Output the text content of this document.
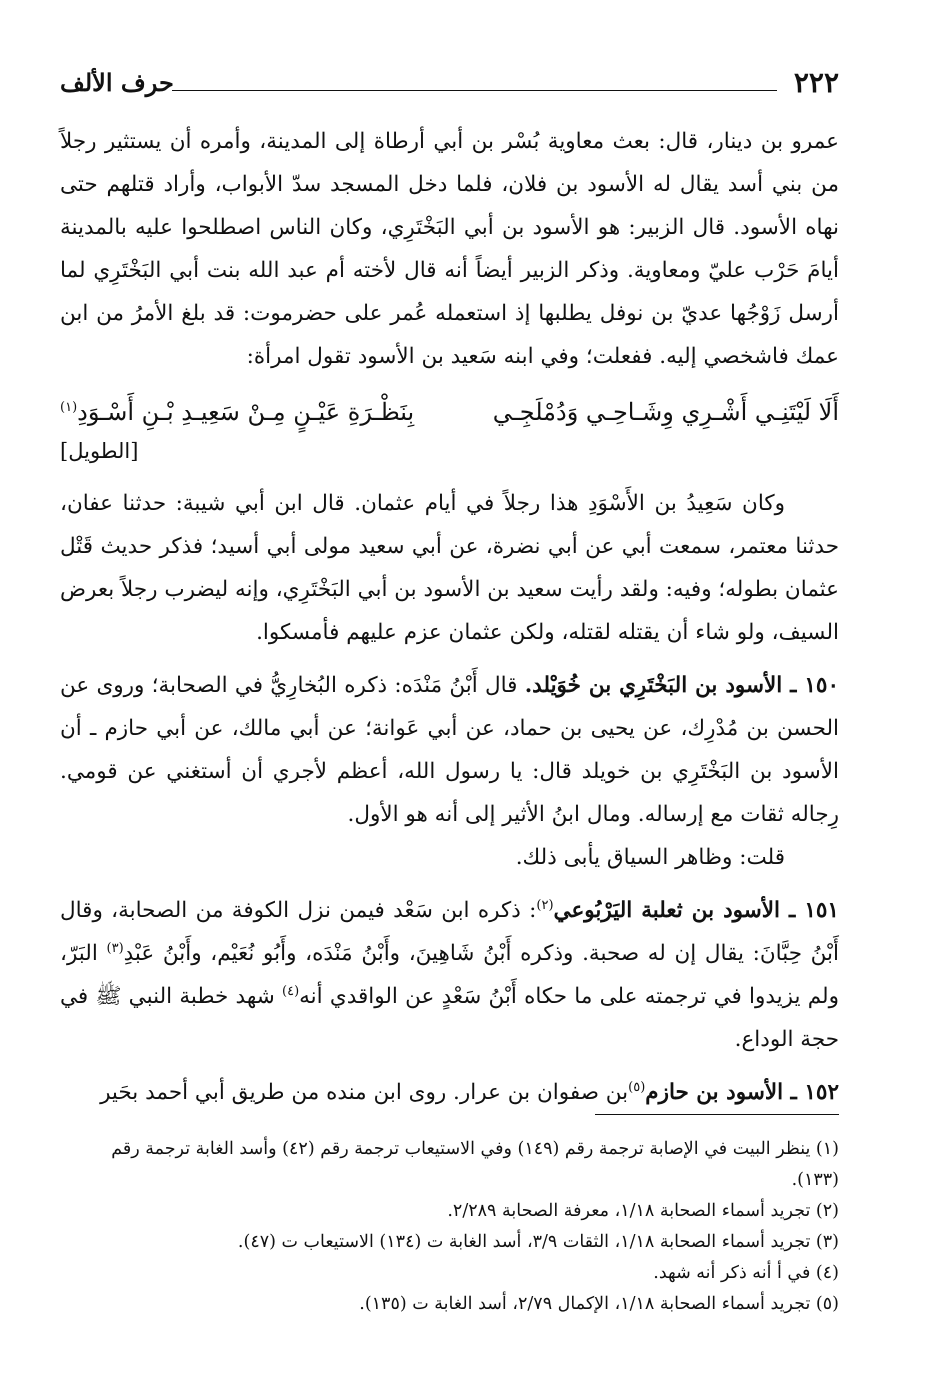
٢٢٢
حرف الألف

عمرو بن دينار، قال: بعث معاوية بُسْر بن أبي أرطاة إلى المدينة، وأمره أن يستثير رجلاً من بني أسد يقال له الأسود بن فلان، فلما دخل المسجد سدّ الأبواب، وأراد قتلهم حتى نهاه الأسود. قال الزبير: هو الأسود بن أبي البَخْتَرِي، وكان الناس اصطلحوا عليه بالمدينة أيامَ حَرْب عليّ ومعاوية. وذكر الزبير أيضاً أنه قال لأخته أم عبد الله بنت أبي البَخْتَرِي لما أرسل زَوْجُها عديّ بن نوفل يطلبها إذ استعمله عُمر على حضرموت: قد بلغ الأمرُ من ابن عمك فاشخصي إليه. ففعلت؛ وفي ابنه سَعيد بن الأسود تقول امرأة:

أَلَا لَيْتَنِـي أَشْـرِي وِشَـاحِـي وَدُمْلَجِـي
بِنَظْـرَةِ عَيْـنٍ مِـنْ سَعِيـدِ بْـنِ أَسْـوَدِ$^{(١)}$
[الطويل]

وكان سَعِيدُ بن الأَسْوَدِ هذا رجلاً في أيام عثمان. قال ابن أبي شيبة: حدثنا عفان، حدثنا معتمر، سمعت أبي عن أبي نضرة، عن أبي سعيد مولى أبي أسيد؛ فذكر حديث قَتْل عثمان بطوله؛ وفيه: ولقد رأيت سعيد بن الأسود بن أبي البَخْتَرِي، وإنه ليضرب رجلاً بعرض السيف، ولو شاء أن يقتله لقتله، ولكن عثمان عزم عليهم فأمسكوا.

١٥٠ ـ الأسود بن البَخْتَرِي بن خُوَيْلد. قال أَبْنُ مَنْدَه: ذكره البُخارِيُّ في الصحابة؛ وروى عن الحسن بن مُدْرِك، عن يحيى بن حماد، عن أبي عَوانة؛ عن أبي مالك، عن أبي حازم ـ أن الأسود بن البَخْتَرِي بن خويلد قال: يا رسول الله، أعظم لأجري أن أستغني عن قومي. رِجاله ثقات مع إرساله. ومال ابنُ الأثير إلى أنه هو الأول.

قلت: وظاهر السياق يأبى ذلك.

١٥١ ـ الأسود بن ثعلبة اليَرْبُوعي$^{(٢)}$: ذكره ابن سَعْد فيمن نزل الكوفة من الصحابة، وقال أَبْنُ حِبَّانَ: يقال إن له صحبة. وذكره أَبْنُ شَاهِينَ، وأَبْنُ مَنْدَه، وأَبُو نُعَيْم، وأَبْنُ عَبْدِ$^{(٣)}$ البَرّ، ولم يزيدوا في ترجمته على ما حكاه أَبْنُ سَعْدٍ عن الواقدي أنه$^{(٤)}$ شهد خطبة النبي ﷺ في حجة الوداع.

١٥٢ ـ الأسود بن حازم$^{(٥)}$بن صفوان بن عرار. روى ابن منده من طريق أبي أحمد بحَير

(١) ينظر البيت في الإصابة ترجمة رقم (١٤٩) وفي الاستيعاب ترجمة رقم (٤٢) وأسد الغابة ترجمة رقم (١٣٣).

(٢) تجريد أسماء الصحابة ١/١٨، معرفة الصحابة ٢/٢٨٩.

(٣) تجريد أسماء الصحابة ١/١٨، الثقات ٣/٩، أسد الغابة ت (١٣٤) الاستيعاب ت (٤٧).

(٤) في أ أنه ذكر أنه شهد.

(٥) تجريد أسماء الصحابة ١/١٨، الإكمال ٢/٧٩، أسد الغابة ت (١٣٥).
